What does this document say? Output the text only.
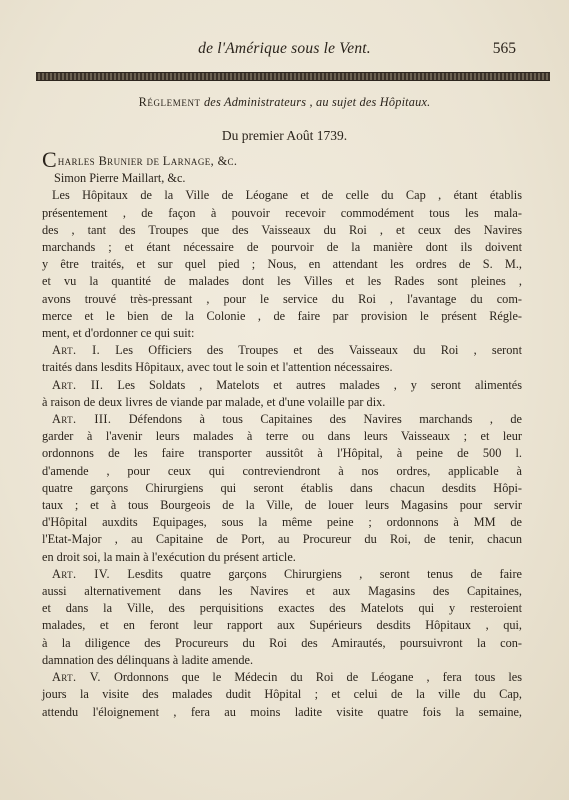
de l'Amérique sous le Vent.	565
Réglement des Administrateurs , au sujet des Hôpitaux.
Du premier Août 1739.
Charles Brunier de Larnage, &c.
Simon Pierre Maillart, &c.

Les Hôpitaux de la Ville de Léogane et de celle du Cap , étant établis
présentement , de façon à pouvoir recevoir commodément tous les mala-
des , tant des Troupes que des Vaisseaux du Roi , et ceux des Navires
marchands ; et étant nécessaire de pourvoir de la manière dont ils doivent
y être traités, et sur quel pied ; Nous, en attendant les ordres de S. M.,
et vu la quantité de malades dont les Villes et les Rades sont pleines ,
avons trouvé très-pressant , pour le service du Roi , l'avantage du com-
merce et le bien de la Colonie , de faire par provision le présent Régle-
ment, et d'ordonner ce qui suit:

Art. I. Les Officiers des Troupes et des Vaisseaux du Roi , seront
traités dans lesdits Hôpitaux, avec tout le soin et l'attention nécessaires.

Art. II. Les Soldats , Matelots et autres malades , y seront alimentés
à raison de deux livres de viande par malade, et d'une volaille par dix.

Art. III. Défendons à tous Capitaines des Navires marchands , de
garder à l'avenir leurs malades à terre ou dans leurs Vaisseaux ; et leur
ordonnons de les faire transporter aussitôt à l'Hôpital, à peine de 500 l.
d'amende , pour ceux qui contreviendront à nos ordres, applicable à
quatre garçons Chirurgiens qui seront établis dans chacun desdits Hôpi-
taux ; et à tous Bourgeois de la Ville, de louer leurs Magasins pour servir
d'Hôpital auxdits Equipages, sous la même peine ; ordonnons à MM de
l'Etat-Major , au Capitaine de Port, au Procureur du Roi, de tenir, chacun
en droit soi, la main à l'exécution du présent article.

Art. IV. Lesdits quatre garçons Chirurgiens , seront tenus de faire
aussi alternativement dans les Navires et aux Magasins des Capitaines,
et dans la Ville, des perquisitions exactes des Matelots qui y resteroient
malades, et en feront leur rapport aux Supérieurs desdits Hôpitaux , qui,
à la diligence des Procureurs du Roi des Amirautés, poursuivront la con-
damnation des délinquans à ladite amende.

Art. V. Ordonnons que le Médecin du Roi de Léogane , fera tous les
jours la visite des malades dudit Hôpital ; et celui de la ville du Cap,
attendu l'éloignement , fera au moins ladite visite quatre fois la semaine,
